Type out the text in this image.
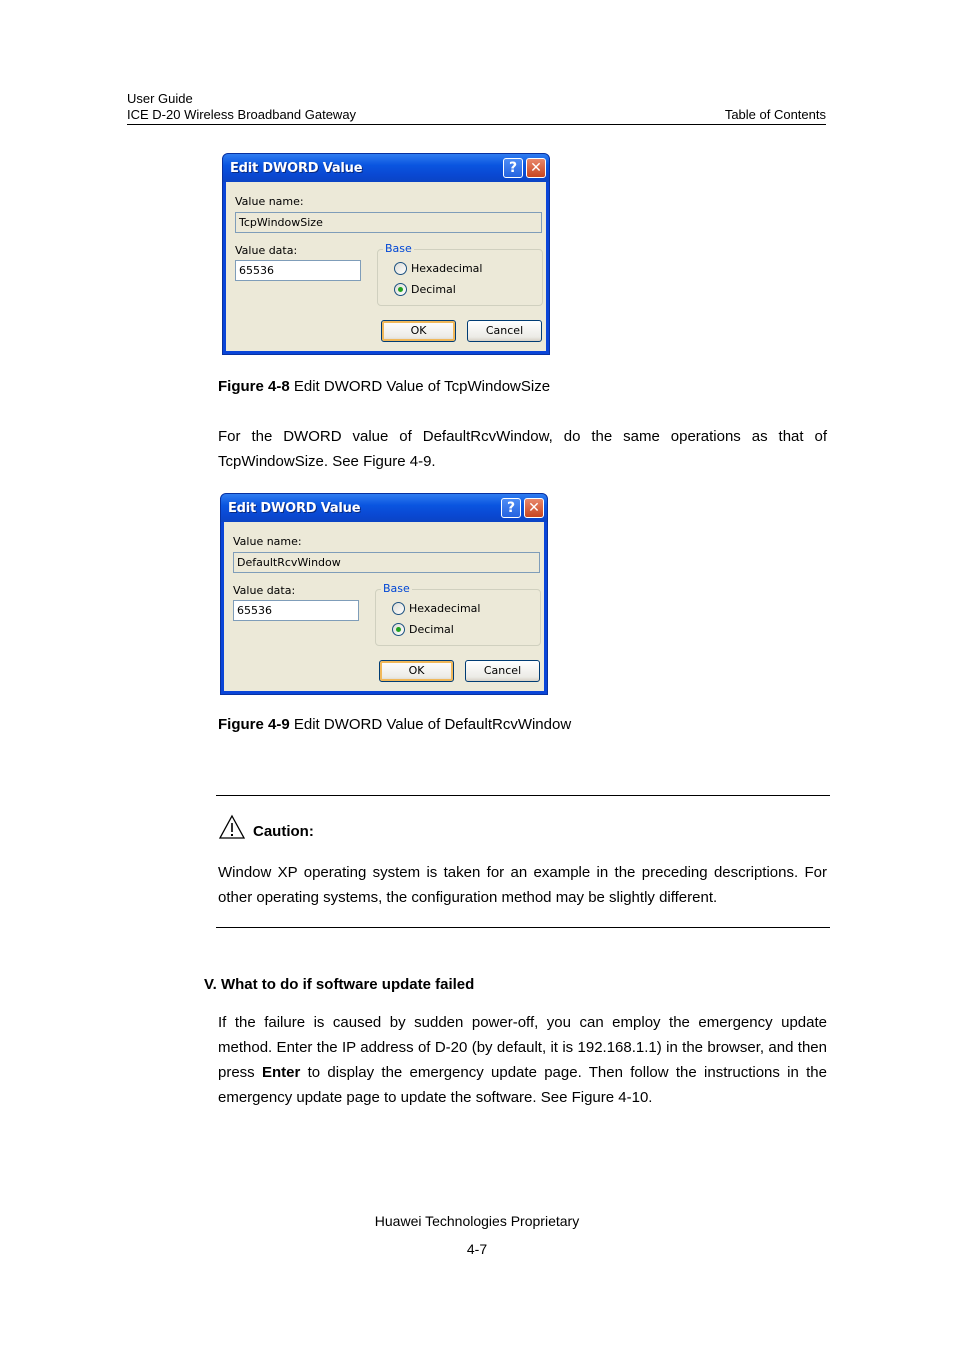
User Guide
ICE D-20 Wireless Broadband Gateway	Table of Contents
Edit DWORD Value	? ✕
Value name:
TcpWindowSize
Value data:
65536
Base
Hexadecimal
Decimal
OK	Cancel
Figure 4-8 Edit DWORD Value of TcpWindowSize
For the DWORD value of DefaultRcvWindow, do the same operations as that of TcpWindowSize. See Figure 4-9.
Edit DWORD Value	? ✕
Value name:
DefaultRcvWindow
Value data:
65536
Base
Hexadecimal
Decimal
OK	Cancel
Figure 4-9 Edit DWORD Value of DefaultRcvWindow
Caution:
Window XP operating system is taken for an example in the preceding descriptions. For other operating systems, the configuration method may be slightly different.
V. What to do if software update failed
If the failure is caused by sudden power-off, you can employ the emergency update method. Enter the IP address of D-20 (by default, it is 192.168.1.1) in the browser, and then press Enter to display the emergency update page. Then follow the instructions in the emergency update page to update the software. See Figure 4-10.
Huawei Technologies Proprietary
4-7
